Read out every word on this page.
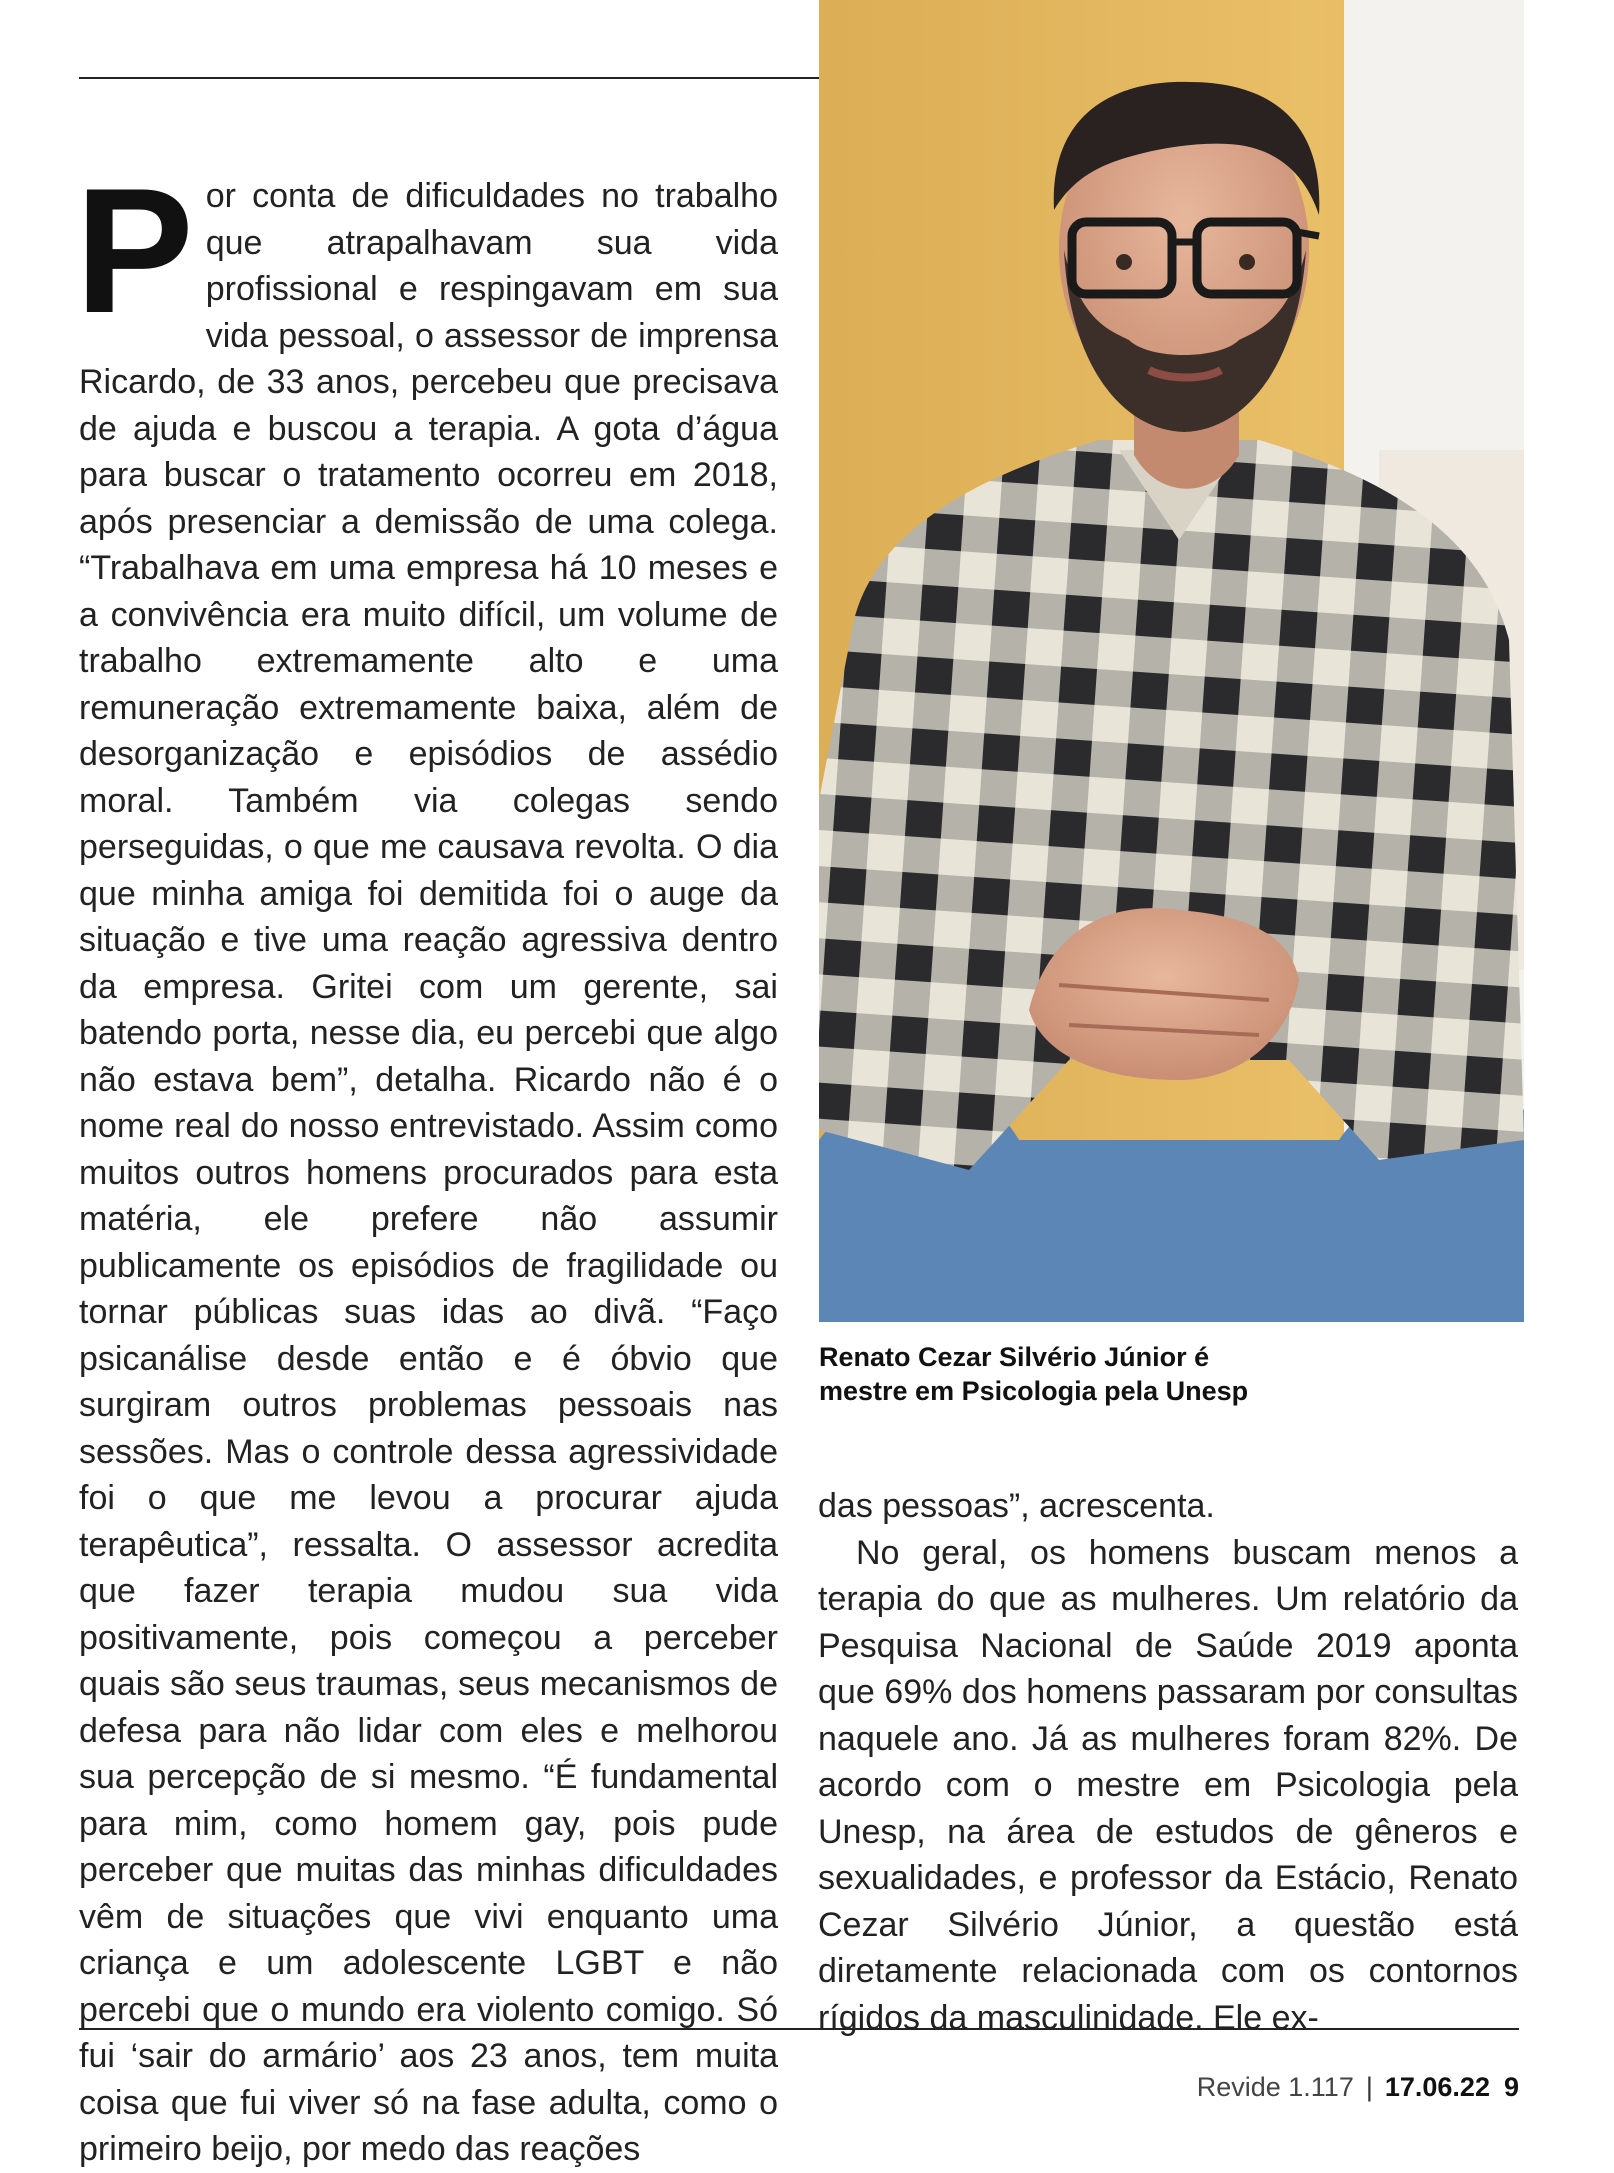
Por conta de dificuldades no trabalho que atrapalhavam sua vida profissional e respingavam em sua vida pessoal, o assessor de imprensa Ricardo, de 33 anos, percebeu que precisava de ajuda e buscou a terapia. A gota d’água para buscar o tratamento ocorreu em 2018, após presenciar a demissão de uma colega. “Trabalhava em uma empresa há 10 meses e a convivência era muito difícil, um volume de trabalho extremamente alto e uma remuneração extremamente baixa, além de desorganização e episódios de assédio moral. Também via colegas sendo perseguidas, o que me causava revolta. O dia que minha amiga foi demitida foi o auge da situação e tive uma reação agressiva dentro da empresa. Gritei com um gerente, sai batendo porta, nesse dia, eu percebi que algo não estava bem”, detalha. Ricardo não é o nome real do nosso entrevistado. Assim como muitos outros homens procurados para esta matéria, ele prefere não assumir publicamente os episódios de fragilidade ou tornar públicas suas idas ao divã. “Faço psicanálise desde então e é óbvio que surgiram outros problemas pessoais nas sessões. Mas o controle dessa agressividade foi o que me levou a procurar ajuda terapêutica”, ressalta. O assessor acredita que fazer terapia mudou sua vida positivamente, pois começou a perceber quais são seus traumas, seus mecanismos de defesa para não lidar com eles e melhorou sua percepção de si mesmo. “É fundamental para mim, como homem gay, pois pude perceber que muitas das minhas dificuldades vêm de situações que vivi enquanto uma criança e um adolescente LGBT e não percebi que o mundo era violento comigo. Só fui ‘sair do armário’ aos 23 anos, tem muita coisa que fui viver só na fase adulta, como o primeiro beijo, por medo das reações

Renato Cezar Silvério Júnior é
mestre em Psicologia pela Unesp

das pessoas”, acrescenta.

No geral, os homens buscam menos a terapia do que as mulheres. Um relatório da Pesquisa Nacional de Saúde 2019 aponta que 69% dos homens passaram por consultas naquele ano. Já as mulheres foram 82%. De acordo com o mestre em Psicologia pela Unesp, na área de estudos de gêneros e sexualidades, e professor da Estácio, Renato Cezar Silvério Júnior, a questão está diretamente relacionada com os contornos rígidos da masculinidade. Ele ex-

Revide 1.117 | 17.06.22 9
